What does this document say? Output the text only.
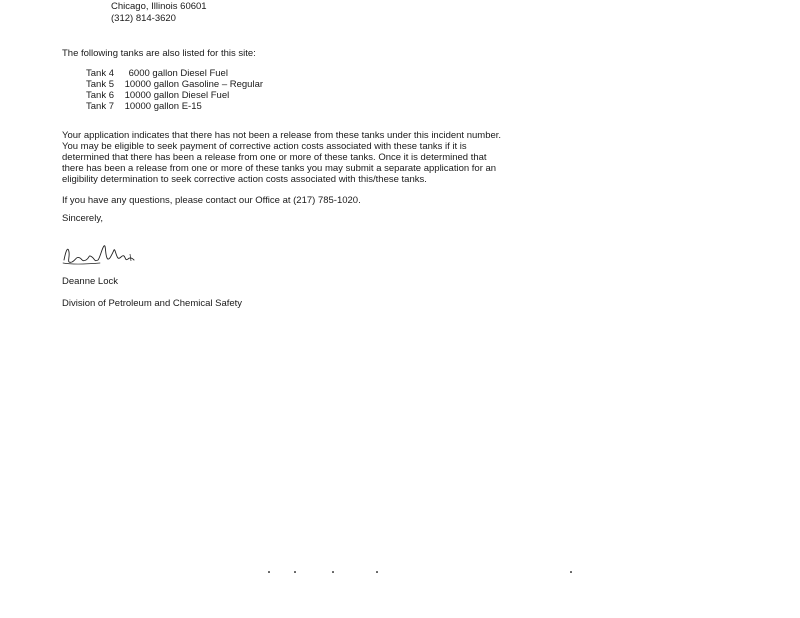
Chicago, Illinois 60601
(312) 814-3620
The following tanks are also listed for this site:
Tank 4 6000 gallon Diesel Fuel
Tank 5 10000 gallon Gasoline – Regular
Tank 6 10000 gallon Diesel Fuel
Tank 7 10000 gallon E-15
Your application indicates that there has not been a release from these tanks under this incident number.
You may be eligible to seek payment of corrective action costs associated with these tanks if it is
determined that there has been a release from one or more of these tanks. Once it is determined that
there has been a release from one or more of these tanks you may submit a separate application for an
eligibility determination to seek corrective action costs associated with this/these tanks.
If you have any questions, please contact our Office at (217) 785-1020.
Sincerely,
Deanne Lock
Division of Petroleum and Chemical Safety
